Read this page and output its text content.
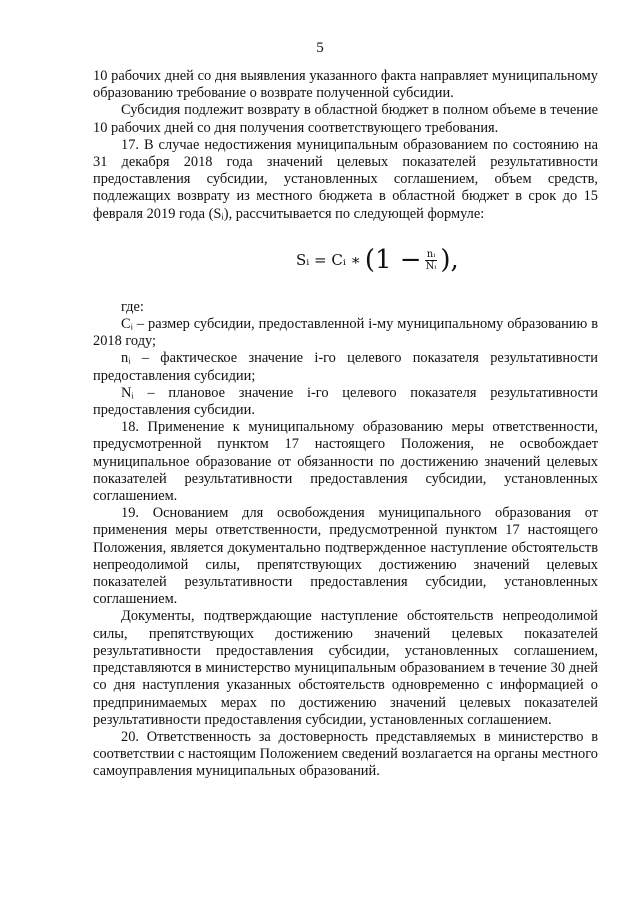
5

10 рабочих дней со дня выявления указанного факта направляет муниципальному образованию требование о возврате полученной субсидии.

Субсидия подлежит возврату в областной бюджет в полном объеме в течение 10 рабочих дней со дня получения соответствующего требования.

17. В случае недостижения муниципальным образованием по состоянию на 31 декабря 2018 года значений целевых показателей результативности предоставления субсидии, установленных соглашением, объем средств, подлежащих возврату из местного бюджета в областной бюджет в срок до 15 февраля 2019 года (Sᵢ), рассчитывается по следующей формуле:

Sᵢ = Cᵢ ∗ ($1 - \frac{\text{nᵢ}}{\text{Nᵢ}}$ ),

где:

Cᵢ – размер субсидии, предоставленной i-му муниципальному образованию в 2018 году;

nᵢ – фактическое значение i-го целевого показателя результативности предоставления субсидии;

Nᵢ – плановое значение i-го целевого показателя результативности предоставления субсидии.

18. Применение к муниципальному образованию меры ответственности, предусмотренной пунктом 17 настоящего Положения, не освобождает муниципальное образование от обязанности по достижению значений целевых показателей результативности предоставления субсидии, установленных соглашением.

19. Основанием для освобождения муниципального образования от применения меры ответственности, предусмотренной пунктом 17 настоящего Положения, является документально подтвержденное наступление обстоятельств непреодолимой силы, препятствующих достижению значений целевых показателей результативности предоставления субсидии, установленных соглашением.

Документы, подтверждающие наступление обстоятельств непреодолимой силы, препятствующих достижению значений целевых показателей результативности предоставления субсидии, установленных соглашением, представляются в министерство муниципальным образованием в течение 30 дней со дня наступления указанных обстоятельств одновременно с информацией о предпринимаемых мерах по достижению значений целевых показателей результативности предоставления субсидии, установленных соглашением.

20. Ответственность за достоверность представляемых в министерство в соответствии с настоящим Положением сведений возлагается на органы местного самоуправления муниципальных образований.
